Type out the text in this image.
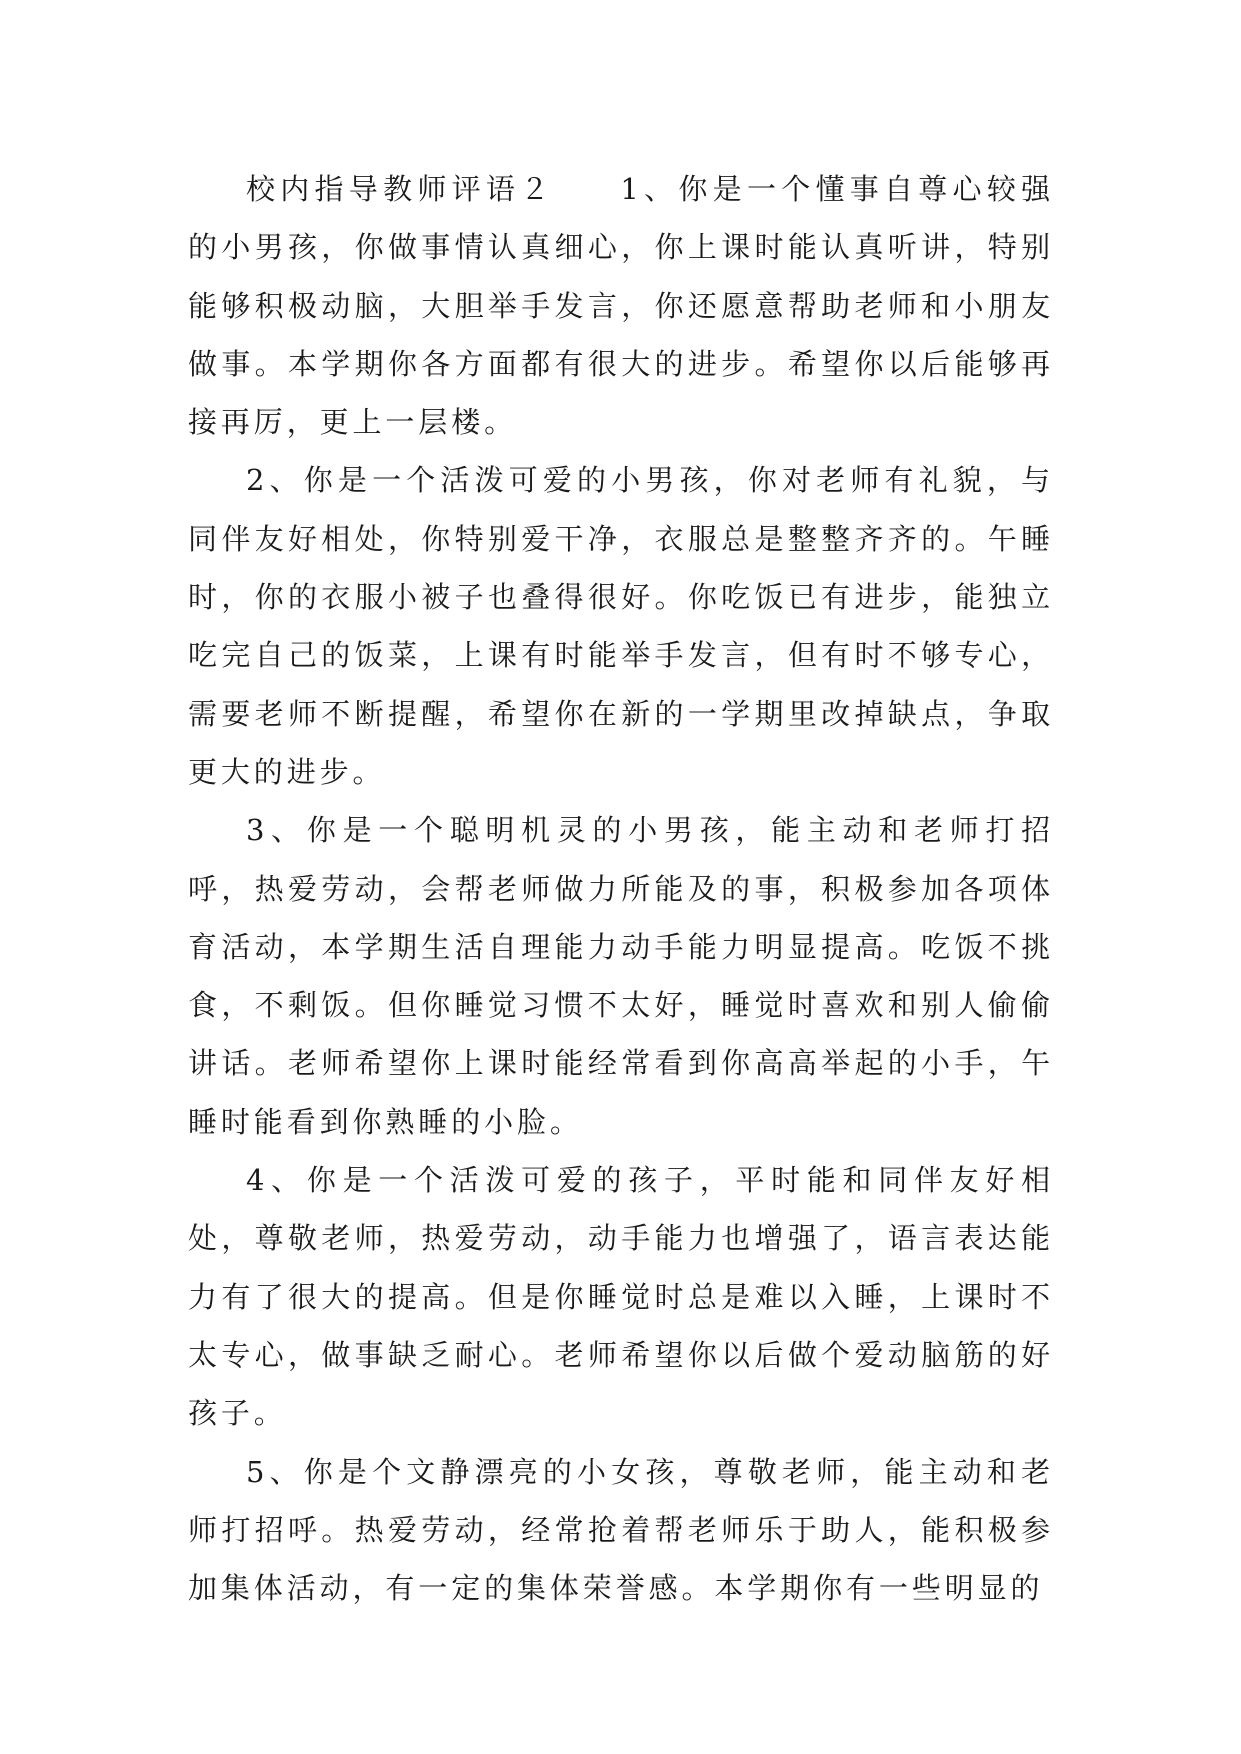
校内指导教师评语２ 1、你是一个懂事自尊心较强的小男孩，你做事情认真细心，你上课时能认真听讲，特别能够积极动脑，大胆举手发言，你还愿意帮助老师和小朋友做事。本学期你各方面都有很大的进步。希望你以后能够再接再厉，更上一层楼。

2、你是一个活泼可爱的小男孩，你对老师有礼貌，与同伴友好相处，你特别爱干净，衣服总是整整齐齐的。午睡时，你的衣服小被子也叠得很好。你吃饭已有进步，能独立吃完自己的饭菜，上课有时能举手发言，但有时不够专心，需要老师不断提醒，希望你在新的一学期里改掉缺点，争取更大的进步。

3、你是一个聪明机灵的小男孩，能主动和老师打招呼，热爱劳动，会帮老师做力所能及的事，积极参加各项体育活动，本学期生活自理能力动手能力明显提高。吃饭不挑食，不剩饭。但你睡觉习惯不太好，睡觉时喜欢和别人偷偷讲话。老师希望你上课时能经常看到你高高举起的小手，午睡时能看到你熟睡的小脸。

4、你是一个活泼可爱的孩子，平时能和同伴友好相处，尊敬老师，热爱劳动，动手能力也增强了，语言表达能力有了很大的提高。但是你睡觉时总是难以入睡，上课时不太专心，做事缺乏耐心。老师希望你以后做个爱动脑筋的好孩子。

5、你是个文静漂亮的小女孩，尊敬老师，能主动和老师打招呼。热爱劳动，经常抢着帮老师乐于助人，能积极参加集体活动，有一定的集体荣誉感。本学期你有一些明显的
